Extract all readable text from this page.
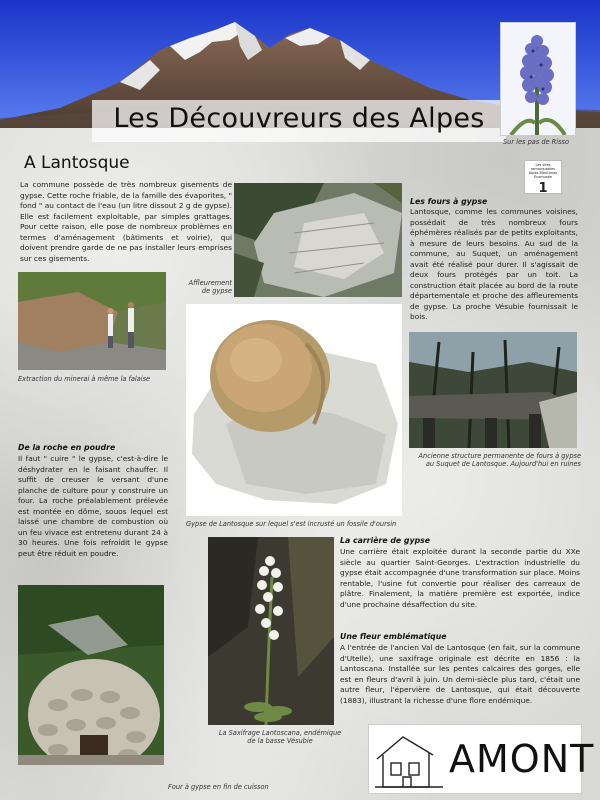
Les Découvreurs des Alpes
Sur les pas de Risso
A Lantosque	Les sites remarquables Alpes-Maritimes Ecomusée
1
La commune possède de très nombreux gisements de gypse. Cette roche friable, de la famille des évaporites, " fond " au contact de l'eau (un litre dissout 2 g de gypse). Elle est facilement exploitable, par simples grattages. Pour cette raison, elle pose de nombreux problèmes en termes d'aménagement (bâtiments et voirie), qui doivent prendre garde de ne pas installer leurs emprises sur ces gisements.
Affleurement de gypse
Extraction du minerai à même la falaise
Les fours à gypse
Lantosque, comme les communes voisines, possédait de très nombreux fours éphémères réalisés par de petits exploitants, à mesure de leurs besoins. Au sud de la commune, au Suquet, un aménagement avait été réalisé pour durer. Il s'agissait de deux fours protégés par un toit. La construction était placée au bord de la route départementale et proche des affleurements de gypse. La proche Vésubie fournissait le bois.
Gypse de Lantosque sur lequel s'est incrusté un fossile d'oursin
Ancienne structure permanente de fours à gypse au Suquet de Lantosque. Aujourd'hui en ruines
De la roche en poudre
Il faut " cuire " le gypse, c'est-à-dire le déshydrater en le faisant chauffer. Il suffit de creuser le versant d'une planche de culture pour y construire un four. La roche préalablement prélevée est montée en dôme, souos lequel est laissé une chambre de combustion où un feu vivace est entretenu durant 24 à 30 heures. Une fois refroidit le gypse peut être réduit en poudre.
Four à gypse en fin de cuisson
La Saxifrage Lantoscana, endémique de la basse Vésubie
La carrière de gypse
Une carrière était exploitée durant la seconde partie du XXe siècle au quartier Saint-Georges. L'extraction industrielle du gypse était accompagnée d'une transformation sur place. Moins rentable, l'usine fut convertie pour réaliser des carreaux de plâtre. Finalement, la matière première est exportée, indice d'une prochaine désaffection du site.
Une fleur emblématique
A l'entrée de l'ancien Val de Lantosque (en fait, sur la commune d'Utelle), une saxifrage originale est décrite en 1856 : la Lantoscana. Installée sur les pentes calcaires des gorges, elle est en fleurs d'avril à juin. Un demi-siècle plus tard, c'était une autre fleur, l'épervière de Lantosque, qui était découverte (1883), illustrant la richesse d'une flore endémique.
AMONT
